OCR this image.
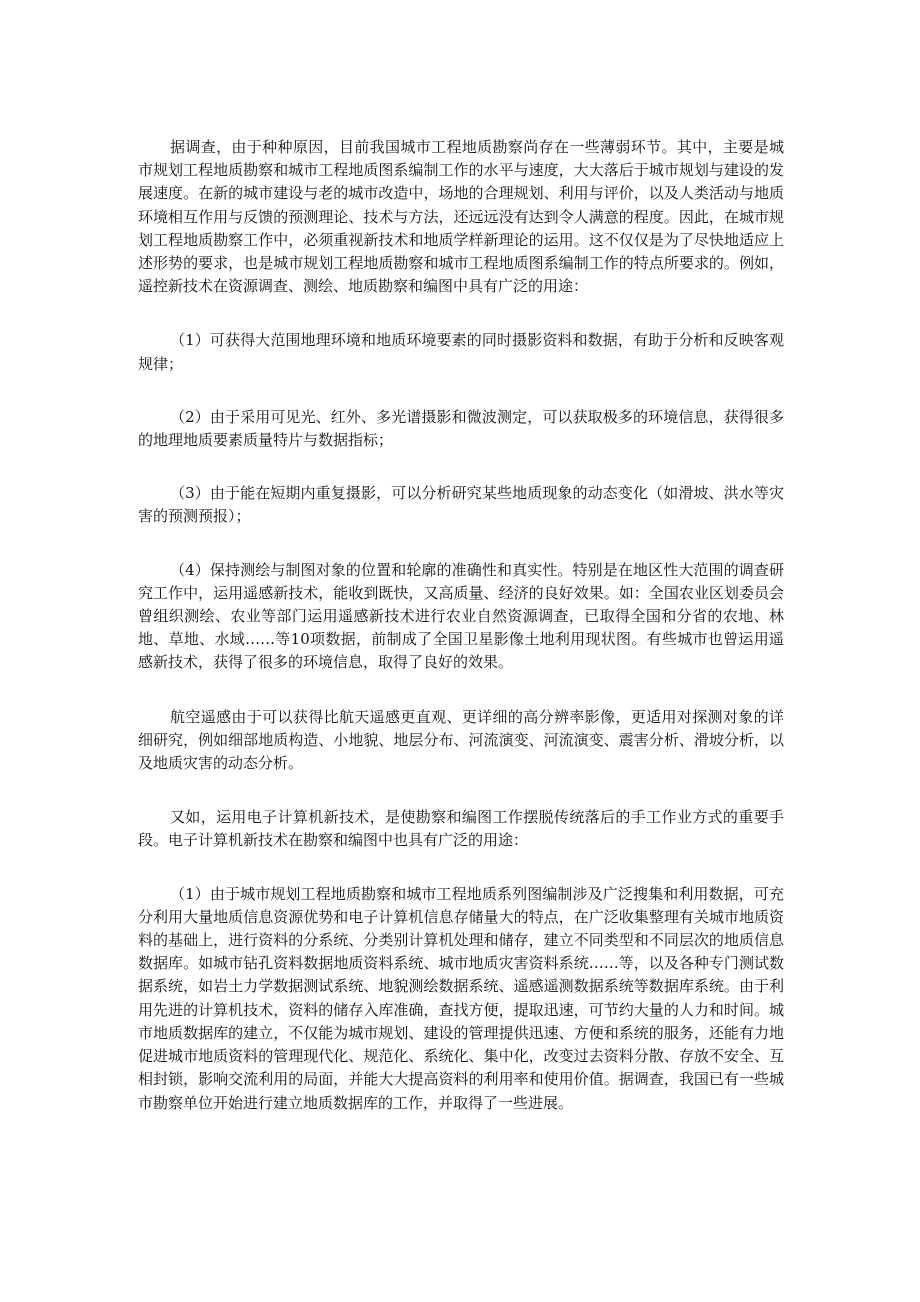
据调查，由于种种原因，目前我国城市工程地质勘察尚存在一些薄弱环节。其中，主要是城市规划工程地质勘察和城市工程地质图系编制工作的水平与速度，大大落后于城市规划与建设的发展速度。在新的城市建设与老的城市改造中，场地的合理规划、利用与评价，以及人类活动与地质环境相互作用与反馈的预测理论、技术与方法，还远远没有达到令人满意的程度。因此，在城市规划工程地质勘察工作中，必须重视新技术和地质学样新理论的运用。这不仅仅是为了尽快地适应上述形势的要求，也是城市规划工程地质勘察和城市工程地质图系编制工作的特点所要求的。例如，遥控新技术在资源调查、测绘、地质勘察和编图中具有广泛的用途：

（1）可获得大范围地理环境和地质环境要素的同时摄影资料和数据，有助于分析和反映客观规律；

（2）由于采用可见光、红外、多光谱摄影和微波测定，可以获取极多的环境信息，获得很多的地理地质要素质量特片与数据指标；

（3）由于能在短期内重复摄影，可以分析研究某些地质现象的动态变化（如滑坡、洪水等灾害的预测预报）；

（4）保持测绘与制图对象的位置和轮廓的准确性和真实性。特别是在地区性大范围的调查研究工作中，运用遥感新技术，能收到既快，又高质量、经济的良好效果。如：全国农业区划委员会曾组织测绘、农业等部门运用遥感新技术进行农业自然资源调查，已取得全国和分省的农地、林地、草地、水域……等10项数据，前制成了全国卫星影像土地利用现状图。有些城市也曾运用遥感新技术，获得了很多的环境信息，取得了良好的效果。

航空遥感由于可以获得比航天遥感更直观、更详细的高分辨率影像，更适用对探测对象的详细研究，例如细部地质构造、小地貌、地层分布、河流演变、河流演变、震害分析、滑坡分析，以及地质灾害的动态分析。

又如，运用电子计算机新技术，是使勘察和编图工作摆脱传统落后的手工作业方式的重要手段。电子计算机新技术在勘察和编图中也具有广泛的用途：

（1）由于城市规划工程地质勘察和城市工程地质系列图编制涉及广泛搜集和利用数据，可充分利用大量地质信息资源优势和电子计算机信息存储量大的特点，在广泛收集整理有关城市地质资料的基础上，进行资料的分系统、分类别计算机处理和储存，建立不同类型和不同层次的地质信息数据库。如城市钻孔资料数据地质资料系统、城市地质灾害资料系统……等，以及各种专门测试数据系统，如岩土力学数据测试系统、地貌测绘数据系统、遥感遥测数据系统等数据库系统。由于利用先进的计算机技术，资料的储存入库准确，查找方便，提取迅速，可节约大量的人力和时间。城市地质数据库的建立，不仅能为城市规划、建设的管理提供迅速、方便和系统的服务，还能有力地促进城市地质资料的管理现代化、规范化、系统化、集中化，改变过去资料分散、存放不安全、互相封锁，影响交流利用的局面，并能大大提高资料的利用率和使用价值。据调查，我国已有一些城市勘察单位开始进行建立地质数据库的工作，并取得了一些进展。
